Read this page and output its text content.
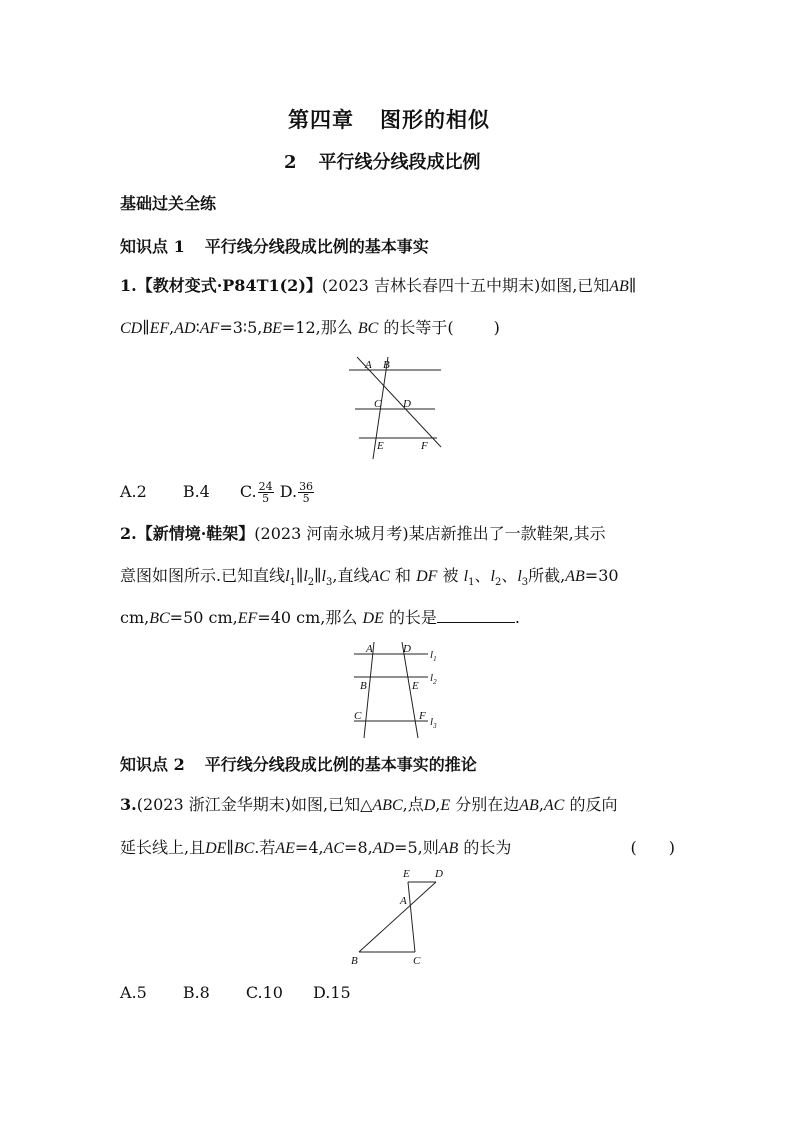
第四章 图形的相似
2 平行线分线段成比例
基础过关全练
知识点 1 平行线分线段成比例的基本事实
1.【教材变式·P84T1(2)】(2023 吉林长春四十五中期末)如图,已知AB∥
CD∥EF,AD∶AF=3∶5,BE=12,那么 BC 的长等于(	)
A B
C D
E	F
A.2 B.4 C. $\frac{24}{5} D$. $\frac{36}{5}$
2.【新情境·鞋架】(2023 河南永城月考)某店新推出了一款鞋架,其示
意图如图所示.已知直线$l_1\parallel l_2\parallel l_3$,直线AC 和 DF 被 $l_1$、$l_2$、$l_3$所截,AB=30
cm,BC=50 cm,EF=40 cm,那么 DE 的长是	.
A	D
B	E
C	F
$l_1$
$l_2$
$l_3$
知识点 2 平行线分线段成比例的基本事实的推论
3.(2023 浙江金华期末)如图,已知△ABC,点D,E 分别在边AB,AC 的反向
延长线上,且DE∥BC.若AE=4,AC=8,AD=5,则AB 的长为	(　　)
E D
A
B	C
A.5 B.8 C.10 D.15
